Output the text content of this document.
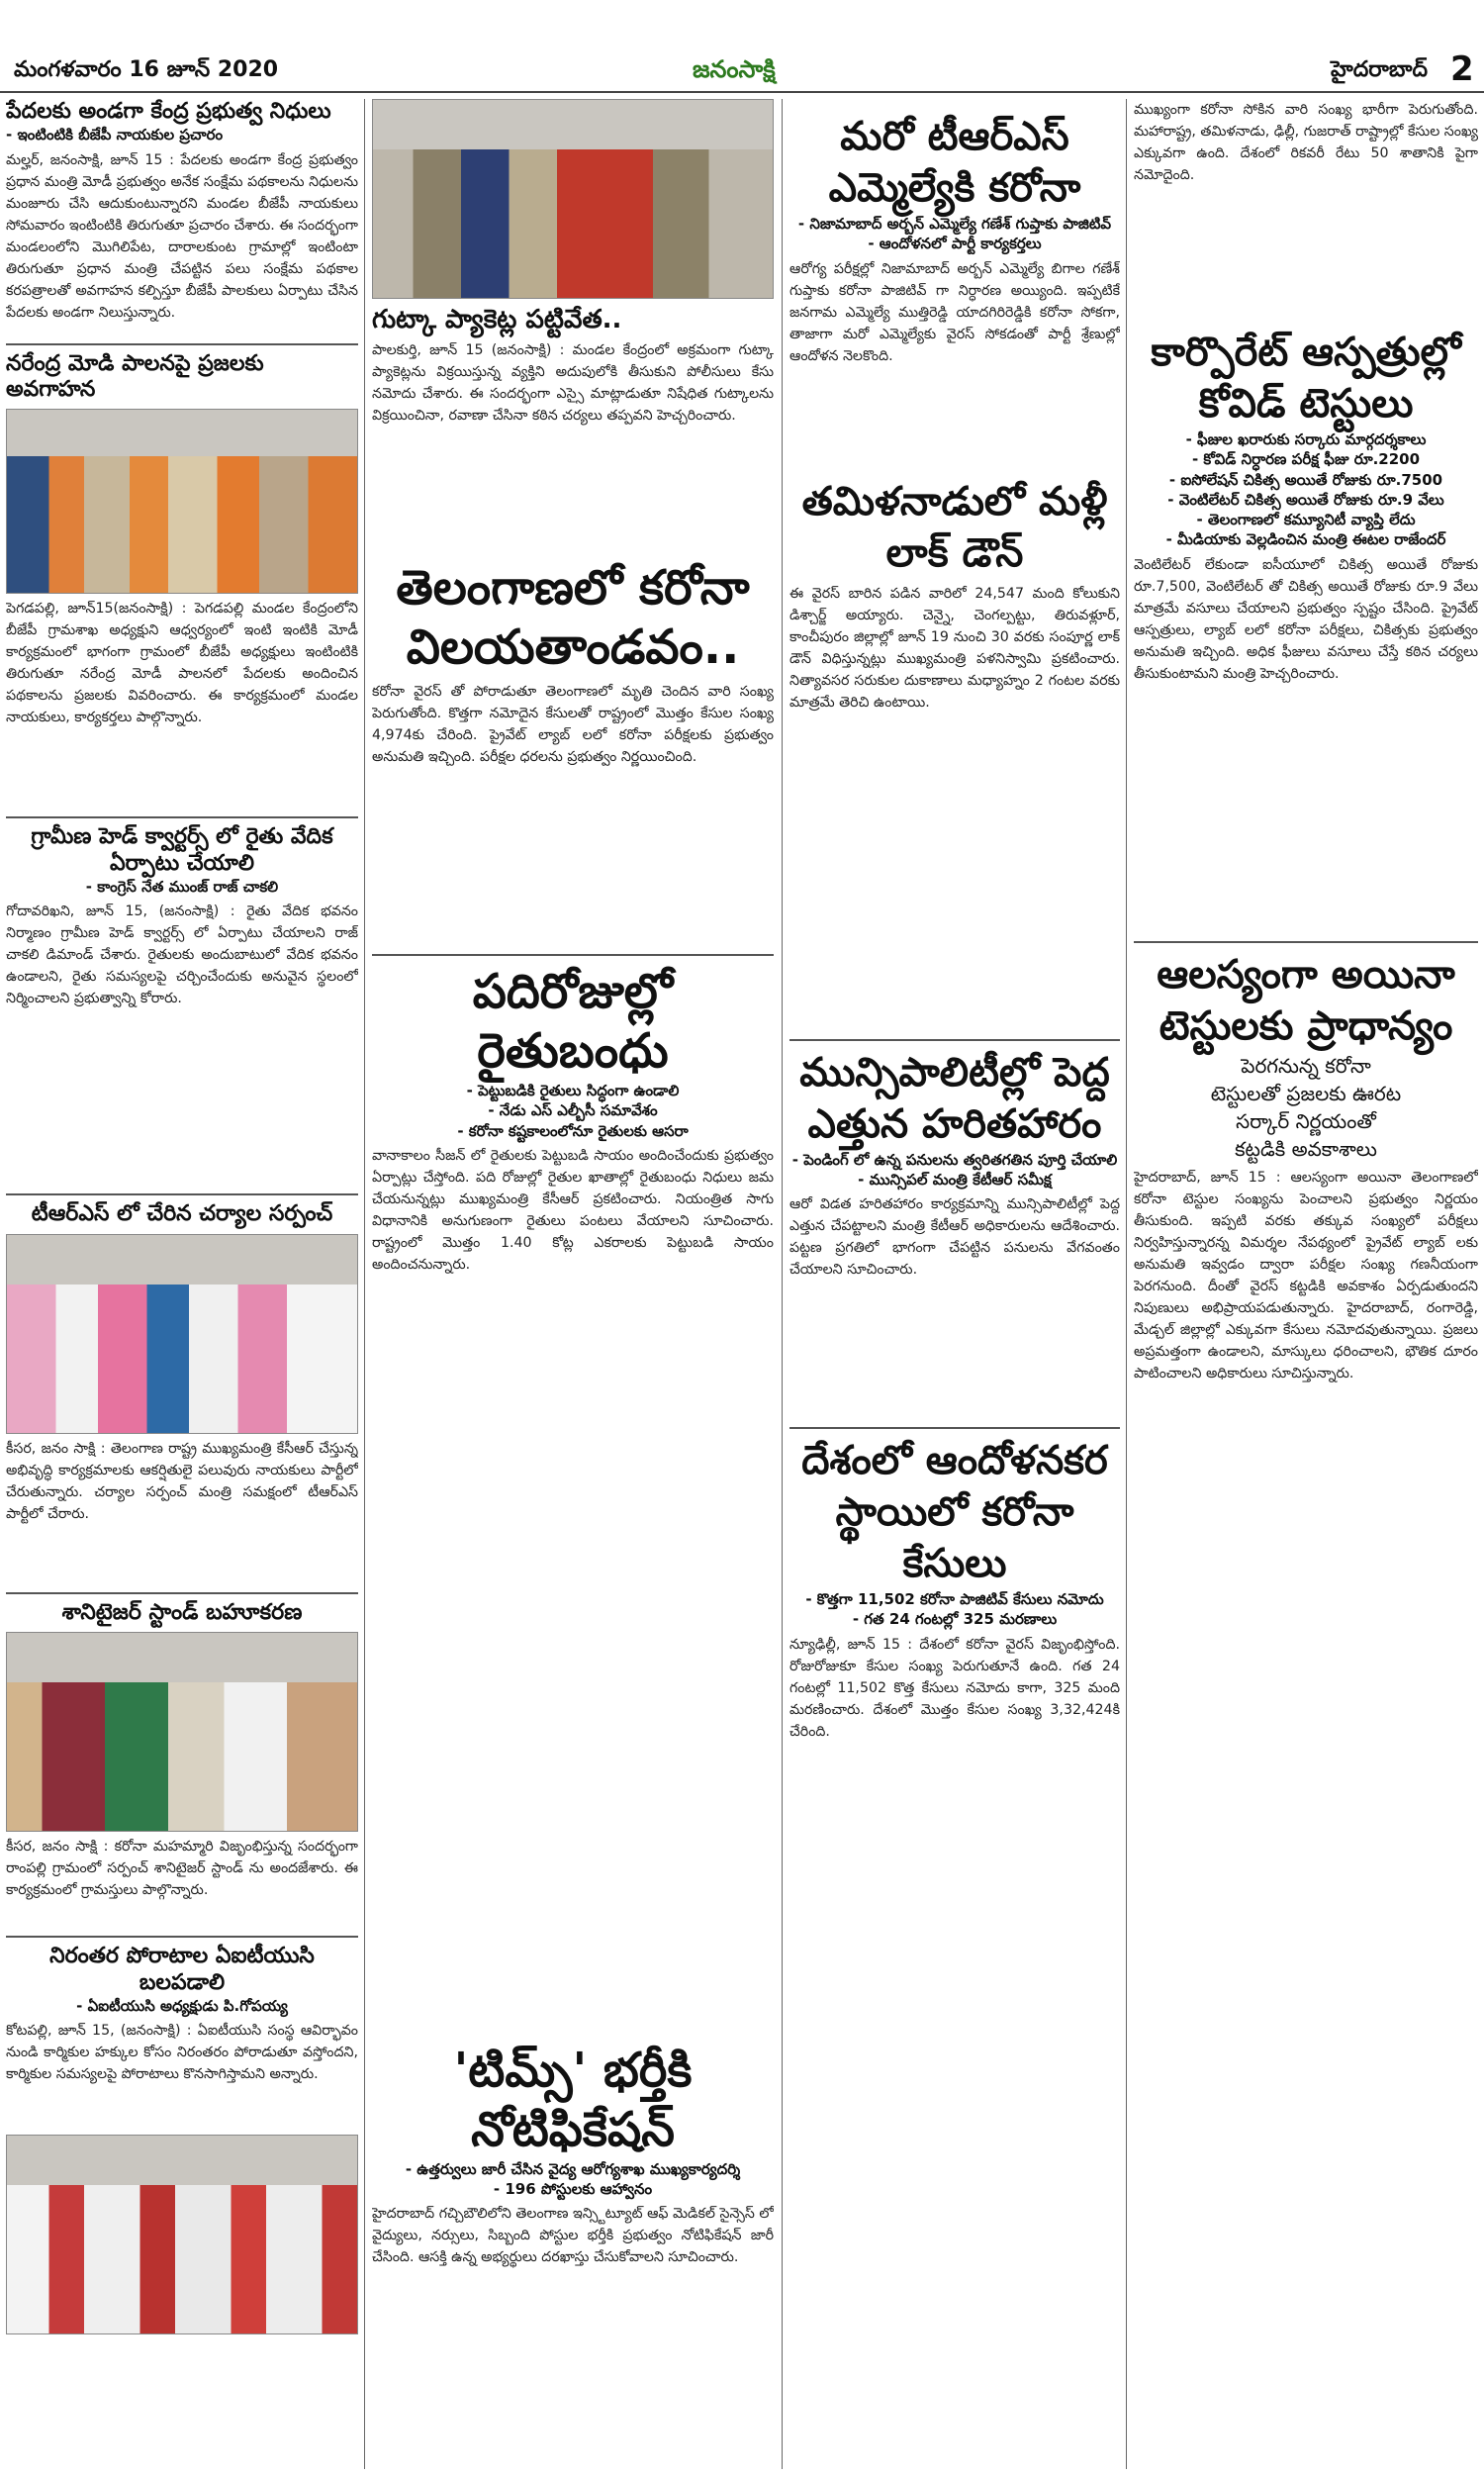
మంగళవారం 16 జూన్ 2020	జనంసాక్షి	హైదరాబాద్ 2
పేదలకు అండగా కేంద్ర ప్రభుత్వ నిధులు
- ఇంటింటికి బీజేపీ నాయకుల ప్రచారం

మల్హర్, జనంసాక్షి, జూన్ 15 : పేదలకు అండగా కేంద్ర ప్రభుత్వం ప్రధాన మంత్రి మోడీ ప్రభుత్వం అనేక సంక్షేమ పథకాలను నిధులను మంజూరు చేసి ఆదుకుంటున్నారని మండల బీజేపీ నాయకులు సోమవారం ఇంటింటికి తిరుగుతూ ప్రచారం చేశారు. ఈ సందర్భంగా మండలంలోని మొగిలిపేట, దారాలకుంట గ్రామాల్లో ఇంటింటా తిరుగుతూ ప్రధాన మంత్రి చేపట్టిన పలు సంక్షేమ పథకాల కరపత్రాలతో అవగాహన కల్పిస్తూ బీజేపీ పాలకులు ఏర్పాటు చేసిన పేదలకు అండగా నిలుస్తున్నారు.

నరేంద్ర మోడి పాలనపై ప్రజలకు అవగాహన

పెగడపల్లి, జూన్15(జనంసాక్షి) : పెగడపల్లి మండల కేంద్రంలోని బీజేపీ గ్రామశాఖ అధ్యక్షుని ఆధ్వర్యంలో ఇంటి ఇంటికి మోడీ కార్యక్రమంలో భాగంగా గ్రామంలో బీజేపీ అధ్యక్షులు ఇంటింటికి తిరుగుతూ నరేంద్ర మోడీ పాలనలో పేదలకు అందించిన పథకాలను ప్రజలకు వివరించారు. ఈ కార్యక్రమంలో మండల నాయకులు, కార్యకర్తలు పాల్గొన్నారు.

గ్రామీణ హెడ్ క్వార్టర్స్ లో రైతు వేదిక ఏర్పాటు చేయాలి
- కాంగ్రెస్ నేత ముంజ్ రాజ్ చాకలి

గోదావరిఖని, జూన్ 15, (జనంసాక్షి) : రైతు వేదిక భవనం నిర్మాణం గ్రామీణ హెడ్ క్వార్టర్స్ లో ఏర్పాటు చేయాలని రాజ్ చాకలి డిమాండ్ చేశారు. రైతులకు అందుబాటులో వేదిక భవనం ఉండాలని, రైతు సమస్యలపై చర్చించేందుకు అనువైన స్థలంలో నిర్మించాలని ప్రభుత్వాన్ని కోరారు.

టీఆర్ఎస్ లో చేరిన చర్యాల సర్పంచ్

కీసర, జనం సాక్షి : తెలంగాణ రాష్ట్ర ముఖ్యమంత్రి కేసీఆర్ చేస్తున్న అభివృద్ధి కార్యక్రమాలకు ఆకర్షితులై పలువురు నాయకులు పార్టీలో చేరుతున్నారు. చర్యాల సర్పంచ్ మంత్రి సమక్షంలో టీఆర్ఎస్ పార్టీలో చేరారు.

శానిటైజర్ స్టాండ్ బహూకరణ

కీసర, జనం సాక్షి : కరోనా మహమ్మారి విజృంభిస్తున్న సందర్భంగా రాంపల్లి గ్రామంలో సర్పంచ్ శానిటైజర్ స్టాండ్ ను అందజేశారు. ఈ కార్యక్రమంలో గ్రామస్తులు పాల్గొన్నారు.

నిరంతర పోరాటాల ఏఐటీయుసి బలపడాలి
- ఏఐటీయుసి అధ్యక్షుడు పి.గోపయ్య

కోటపల్లి, జూన్ 15, (జనంసాక్షి) : ఏఐటీయుసి సంస్థ ఆవిర్భావం నుండి కార్మికుల హక్కుల కోసం నిరంతరం పోరాడుతూ వస్తోందని, కార్మికుల సమస్యలపై పోరాటాలు కొనసాగిస్తామని అన్నారు.

గుట్కా ప్యాకెట్ల పట్టివేత..

పాలకుర్తి, జూన్ 15 (జనంసాక్షి) : మండల కేంద్రంలో అక్రమంగా గుట్కా ప్యాకెట్లను విక్రయిస్తున్న వ్యక్తిని అదుపులోకి తీసుకుని పోలీసులు కేసు నమోదు చేశారు. ఈ సందర్భంగా ఎస్సై మాట్లాడుతూ నిషేధిత గుట్కాలను విక్రయించినా, రవాణా చేసినా కఠిన చర్యలు తప్పవని హెచ్చరించారు.

తెలంగాణలో కరోనా విలయతాండవం..

కరోనా వైరస్ తో పోరాడుతూ తెలంగాణలో మృతి చెందిన వారి సంఖ్య పెరుగుతోంది. కొత్తగా నమోదైన కేసులతో రాష్ట్రంలో మొత్తం కేసుల సంఖ్య 4,974కు చేరింది. ప్రైవేట్ ల్యాబ్ లలో కరోనా పరీక్షలకు ప్రభుత్వం అనుమతి ఇచ్చింది. పరీక్షల ధరలను ప్రభుత్వం నిర్ణయించింది.

పదిరోజుల్లో రైతుబంధు
- పెట్టుబడికి రైతులు సిద్ధంగా ఉండాలి
- నేడు ఎస్ ఎల్బీసీ సమావేశం
- కరోనా కష్టకాలంలోనూ రైతులకు ఆసరా

వానాకాలం సీజన్ లో రైతులకు పెట్టుబడి సాయం అందించేందుకు ప్రభుత్వం ఏర్పాట్లు చేస్తోంది. పది రోజుల్లో రైతుల ఖాతాల్లో రైతుబంధు నిధులు జమ చేయనున్నట్లు ముఖ్యమంత్రి కేసీఆర్ ప్రకటించారు. నియంత్రిత సాగు విధానానికి అనుగుణంగా రైతులు పంటలు వేయాలని సూచించారు. రాష్ట్రంలో మొత్తం 1.40 కోట్ల ఎకరాలకు పెట్టుబడి సాయం అందించనున్నారు.

'టిమ్స్' భర్తీకి నోటిఫికేషన్
- ఉత్తర్వులు జారీ చేసిన వైద్య ఆరోగ్యశాఖ ముఖ్యకార్యదర్శి
- 196 పోస్టులకు ఆహ్వానం

హైదరాబాద్ గచ్చిబౌలిలోని తెలంగాణ ఇన్స్టిట్యూట్ ఆఫ్ మెడికల్ సైన్సెస్ లో వైద్యులు, నర్సులు, సిబ్బంది పోస్టుల భర్తీకి ప్రభుత్వం నోటిఫికేషన్ జారీ చేసింది. ఆసక్తి ఉన్న అభ్యర్థులు దరఖాస్తు చేసుకోవాలని సూచించారు.

మరో టీఆర్ఎస్ ఎమ్మెల్యేకి కరోనా
- నిజామాబాద్ అర్బన్ ఎమ్మెల్యే గణేశ్ గుప్తాకు పాజిటివ్
- ఆందోళనలో పార్టీ కార్యకర్తలు

ఆరోగ్య పరీక్షల్లో నిజామాబాద్ అర్బన్ ఎమ్మెల్యే బిగాల గణేశ్ గుప్తాకు కరోనా పాజిటివ్ గా నిర్ధారణ అయ్యింది. ఇప్పటికే జనగామ ఎమ్మెల్యే ముత్తిరెడ్డి యాదగిరిరెడ్డికి కరోనా సోకగా, తాజాగా మరో ఎమ్మెల్యేకు వైరస్ సోకడంతో పార్టీ శ్రేణుల్లో ఆందోళన నెలకొంది.

తమిళనాడులో మళ్లీ లాక్ డౌన్

ఈ వైరస్ బారిన పడిన వారిలో 24,547 మంది కోలుకుని డిశ్చార్జ్ అయ్యారు. చెన్నై, చెంగల్పట్టు, తిరువళ్లూర్, కాంచీపురం జిల్లాల్లో జూన్ 19 నుంచి 30 వరకు సంపూర్ణ లాక్ డౌన్ విధిస్తున్నట్లు ముఖ్యమంత్రి పళనిస్వామి ప్రకటించారు. నిత్యావసర సరుకుల దుకాణాలు మధ్యాహ్నం 2 గంటల వరకు మాత్రమే తెరిచి ఉంటాయి.

మున్సిపాలిటీల్లో పెద్ద ఎత్తున హరితహారం
- పెండింగ్ లో ఉన్న పనులను త్వరితగతిన పూర్తి చేయాలి
- మున్సిపల్ మంత్రి కేటీఆర్ సమీక్ష

ఆరో విడత హరితహారం కార్యక్రమాన్ని మున్సిపాలిటీల్లో పెద్ద ఎత్తున చేపట్టాలని మంత్రి కేటీఆర్ అధికారులను ఆదేశించారు. పట్టణ ప్రగతిలో భాగంగా చేపట్టిన పనులను వేగవంతం చేయాలని సూచించారు.

దేశంలో ఆందోళనకర స్థాయిలో కరోనా కేసులు
- కొత్తగా 11,502 కరోనా పాజిటివ్ కేసులు నమోదు
- గత 24 గంటల్లో 325 మరణాలు

న్యూఢిల్లీ, జూన్ 15 : దేశంలో కరోనా వైరస్ విజృంభిస్తోంది. రోజురోజుకూ కేసుల సంఖ్య పెరుగుతూనే ఉంది. గత 24 గంటల్లో 11,502 కొత్త కేసులు నమోదు కాగా, 325 మంది మరణించారు. దేశంలో మొత్తం కేసుల సంఖ్య 3,32,424కి చేరింది.

ముఖ్యంగా కరోనా సోకిన వారి సంఖ్య భారీగా పెరుగుతోంది. మహారాష్ట్ర, తమిళనాడు, ఢిల్లీ, గుజరాత్ రాష్ట్రాల్లో కేసుల సంఖ్య ఎక్కువగా ఉంది. దేశంలో రికవరీ రేటు 50 శాతానికి పైగా నమోదైంది.

కార్పొరేట్ ఆస్పత్రుల్లో కోవిడ్ టెస్టులు
- ఫీజుల ఖరారుకు సర్కారు మార్గదర్శకాలు
- కోవిడ్ నిర్ధారణ పరీక్ష ఫీజు రూ.2200
- ఐసోలేషన్ చికిత్స అయితే రోజుకు రూ.7500
- వెంటిలేటర్ చికిత్స అయితే రోజుకు రూ.9 వేలు
- తెలంగాణలో కమ్యూనిటీ వ్యాప్తి లేదు
- మీడియాకు వెల్లడించిన మంత్రి ఈటల రాజేందర్

వెంటిలేటర్ లేకుండా ఐసీయూలో చికిత్స అయితే రోజుకు రూ.7,500, వెంటిలేటర్ తో చికిత్స అయితే రోజుకు రూ.9 వేలు మాత్రమే వసూలు చేయాలని ప్రభుత్వం స్పష్టం చేసింది. ప్రైవేట్ ఆస్పత్రులు, ల్యాబ్ లలో కరోనా పరీక్షలు, చికిత్సకు ప్రభుత్వం అనుమతి ఇచ్చింది. అధిక ఫీజులు వసూలు చేస్తే కఠిన చర్యలు తీసుకుంటామని మంత్రి హెచ్చరించారు.

ఆలస్యంగా అయినా టెస్టులకు ప్రాధాన్యం
పెరగనున్న కరోనా
టెస్టులతో ప్రజలకు ఊరట
సర్కార్ నిర్ణయంతో
కట్టడికి అవకాశాలు

హైదరాబాద్, జూన్ 15 : ఆలస్యంగా అయినా తెలంగాణలో కరోనా టెస్టుల సంఖ్యను పెంచాలని ప్రభుత్వం నిర్ణయం తీసుకుంది. ఇప్పటి వరకు తక్కువ సంఖ్యలో పరీక్షలు నిర్వహిస్తున్నారన్న విమర్శల నేపథ్యంలో ప్రైవేట్ ల్యాబ్ లకు అనుమతి ఇవ్వడం ద్వారా పరీక్షల సంఖ్య గణనీయంగా పెరగనుంది. దీంతో వైరస్ కట్టడికి అవకాశం ఏర్పడుతుందని నిపుణులు అభిప్రాయపడుతున్నారు. హైదరాబాద్, రంగారెడ్డి, మేడ్చల్ జిల్లాల్లో ఎక్కువగా కేసులు నమోదవుతున్నాయి. ప్రజలు అప్రమత్తంగా ఉండాలని, మాస్కులు ధరించాలని, భౌతిక దూరం పాటించాలని అధికారులు సూచిస్తున్నారు.
